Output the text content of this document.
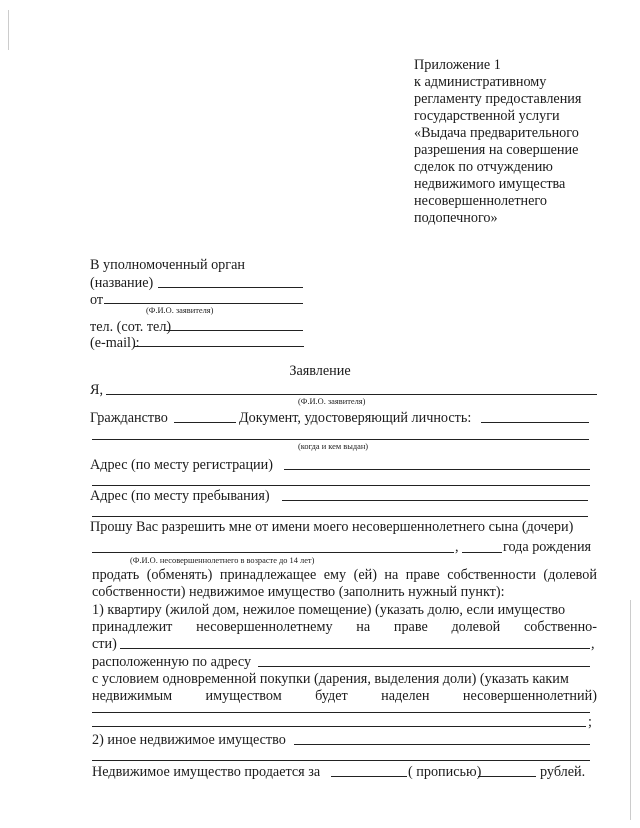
Приложение 1
к административному
регламенту предоставления
государственной услуги
«Выдача предварительного
разрешения на совершение
сделок по отчуждению
недвижимого имущества
несовершеннолетнего
подопечного»
В уполномоченный орган
(название)
от
(Ф.И.О. заявителя)
тел. (сот. тел)
(e-mail):
Заявление
Я,
(Ф.И.О. заявителя)
Гражданство	Документ, удостоверяющий личность:
(когда и кем выдан)
Адрес (по месту регистрации)
Адрес (по месту пребывания)
Прошу Вас разрешить мне от имени моего несовершеннолетнего сына (дочери)
,	года рождения
(Ф.И.О. несовершеннолетнего в возрасте до 14 лет)
продать (обменять) принадлежащее ему (ей) на праве собственности (долевой
собственности) недвижимое имущество (заполнить нужный пункт):
1) квартиру (жилой дом, нежилое помещение) (указать долю, если имущество
принадлежит несовершеннолетнему на праве долевой собственно-
сти)	,
расположенную по адресу
с условием одновременной покупки (дарения, выделения доли) (указать каким
недвижимым имуществом будет наделен несовершеннолетний)
;
2) иное недвижимое имущество
Недвижимое имущество продается за	( прописью)	рублей.
